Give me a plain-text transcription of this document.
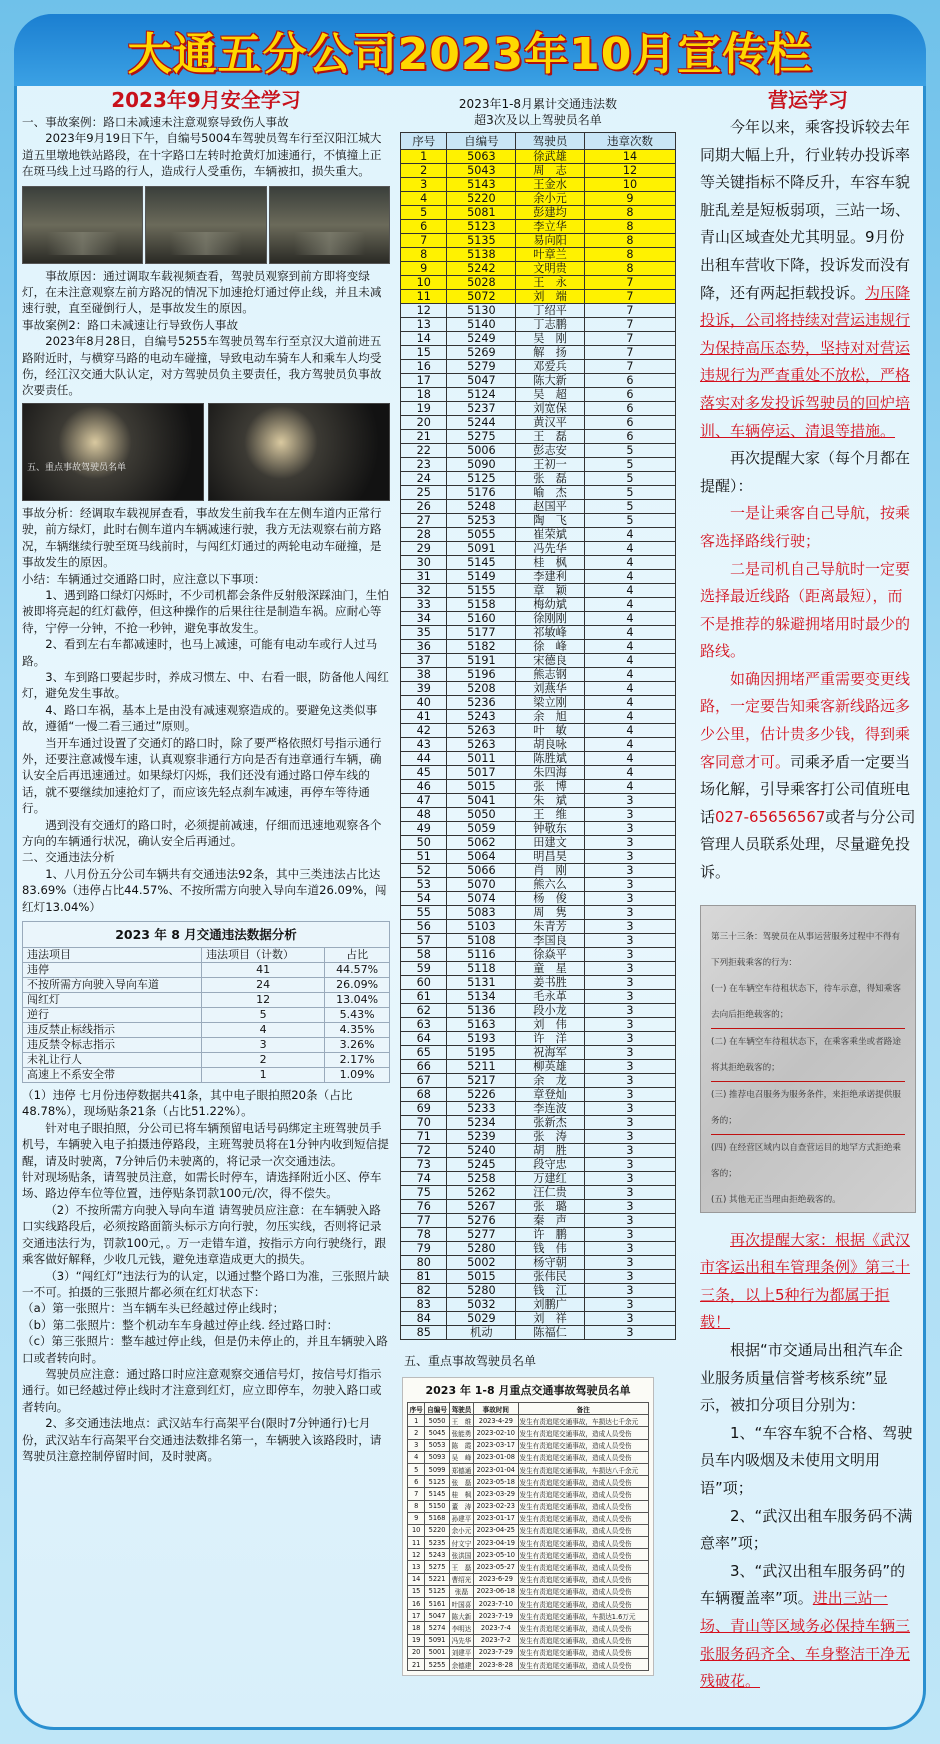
大通五分公司2023年10月宣传栏
2023年9月安全学习

一、事故案例：路口未减速未注意观察导致伤人事故

2023年9月19日下午，自编号5004车驾驶员驾车行至汉阳江城大道五里墩地铁站路段，在十字路口左转时抢黄灯加速通行，不慎撞上正在斑马线上过马路的行人，造成行人受重伤，车辆被扣，损失重大。

事故原因：通过调取车载视频查看，驾驶员观察到前方即将变绿灯，在未注意观察左前方路况的情况下加速抢灯通过停止线，并且未减速行驶，直至碰倒行人，是事故发生的原因。

事故案例2：路口未减速让行导致伤人事故

2023年8月28日，自编号5255车驾驶员驾车行至京汉大道前进五路附近时，与横穿马路的电动车碰撞，导致电动车骑车人和乘车人均受伤，经江汉交通大队认定，对方驾驶员负主要责任，我方驾驶员负事故次要责任。

五、重点事故驾驶员名单

事故分析：经调取车载视屏查看，事故发生前我车在左侧车道内正常行驶，前方绿灯，此时右侧车道内车辆减速行驶，我方无法观察右前方路况，车辆继续行驶至斑马线前时，与闯红灯通过的两轮电动车碰撞，是事故发生的原因。

小结：车辆通过交通路口时，应注意以下事项：

1、遇到路口绿灯闪烁时，不少司机都会条件反射般深踩油门，生怕被即将亮起的红灯截停，但这种操作的后果往往是制造车祸。应耐心等待，宁停一分钟，不抢一秒钟，避免事故发生。

2、看到左右车都减速时，也马上减速，可能有电动车或行人过马路。

3、车到路口要起步时，养成习惯左、中、右看一眼，防备他人闯红灯，避免发生事故。

4、路口车祸，基本上是由没有减速观察造成的。要避免这类似事故，遵循“一慢二看三通过”原则。

当开车通过设置了交通灯的路口时，除了要严格依照灯号指示通行外，还要注意减慢车速，认真观察非通行方向是否有违章通行车辆，确认安全后再迅速通过。如果绿灯闪烁，我们还没有通过路口停车线的话，就不要继续加速抢灯了，而应该先轻点刹车减速，再停车等待通行。

遇到没有交通灯的路口时，必须提前减速，仔细而迅速地观察各个方向的车辆通行状况，确认安全后再通过。

二、交通违法分析

1、八月份五分公司车辆共有交通违法92条，其中三类违法占比达83.69%（违停占比44.57%、不按所需方向驶入导向车道26.09%，闯红灯13.04%）

2023 年 8 月交通违法数据分析		
违法项目	违法项目（计数）	占比
违停	41	44.57%
不按所需方向驶入导向车道	24	26.09%
闯红灯	12	13.04%
逆行	5	5.43%
违反禁止标线指示	4	4.35%
违反禁令标志指示	3	3.26%
未礼让行人	2	2.17%
高速上不系安全带	1	1.09%

（1）违停 七月份违停数据共41条，其中电子眼拍照20条（占比48.78%），现场贴条21条（占比51.22%）。

针对电子眼拍照，分公司已将车辆预留电话号码绑定主班驾驶员手机号，车辆驶入电子拍摄违停路段，主班驾驶员将在1分钟内收到短信提醒，请及时驶离，7分钟后仍未驶离的，将记录一次交通违法。

针对现场贴条，请驾驶员注意，如需长时停车，请选择附近小区、停车场、路边停车位等位置，违停贴条罚款100元/次，得不偿失。

（2）不按所需方向驶入导向车道 请驾驶员应注意：在车辆驶入路口实线路段后，必须按路面箭头标示方向行驶，勿压实线，否则将记录交通违法行为，罚款100元，。万一走错车道，按指示方向行驶绕行，跟乘客做好解释，少收几元钱，避免违章造成更大的损失。

（3）“闯红灯”违法行为的认定，以通过整个路口为准，三张照片缺一不可。拍摄的三张照片都必须在红灯状态下：

（a）第一张照片：当车辆车头已经越过停止线时；

（b）第二张照片：整个机动车车身越过停止线. 经过路口时：

（c）第三张照片：整车越过停止线，但是仍未停止的，并且车辆驶入路口或者转向时。

驾驶员应注意：通过路口时应注意观察交通信号灯，按信号灯指示通行。如已经越过停止线时才注意到红灯，应立即停车，勿驶入路口或者转向。

2、多交通违法地点：武汉站车行高架平台(限时7分钟通行)七月份，武汉站车行高架平台交通违法数排名第一，车辆驶入该路段时，请驾驶员注意控制停留时间，及时驶离。

2023年1-8月累计交通违法数
超3次及以上驾驶员名单
序号	自编号	驾驶员	违章次数
1	5063	徐武雄	14
2	5043	周　志	12
3	5143	王金水	10
4	5220	余小元	9
5	5081	彭建均	8
6	5123	李立华	8
7	5135	易向阳	8
8	5138	叶章兰	8
9	5242	文明贵	8
10	5028	王　永	7
11	5072	刘　端	7
12	5130	丁绍平	7
13	5140	丁志鹏	7
14	5249	吴　刚	7
15	5269	解　扬	7
16	5279	邓爱兵	7
17	5047	陈大新	6
18	5124	吴　超	6
19	5237	刘宽保	6
20	5244	黄汉平	6
21	5275	王　磊	6
22	5006	彭志安	5
23	5090	王初一	5
24	5125	张　磊	5
25	5176	喻　杰	5
26	5248	赵国平	5
27	5253	陶　飞	5
28	5055	崔荣斌	4
29	5091	冯先华	4
30	5145	桂　枫	4
31	5149	李建利	4
32	5155	章　颖	4
33	5158	梅幼斌	4
34	5160	徐刚刚	4
35	5177	祁敏峰	4
36	5182	徐　峰	4
37	5191	宋德良	4
38	5196	熊志钢	4
39	5208	刘燕华	4
40	5236	梁立刚	4
41	5243	余　旭	4
42	5263	叶　敏	4
43	5263	胡良咏	4
44	5011	陈胜斌	4
45	5017	朱四海	4
46	5015	张　博	4
47	5041	朱　斌	3
48	5050	王　维	3
49	5059	钟敬东	3
50	5062	田建文	3
51	5064	明昌昊	3
52	5066	肖　刚	3
53	5070	熊六么	3
54	5074	杨　俊	3
55	5083	周　隽	3
56	5103	朱青芳	3
57	5108	李国良	3
58	5116	徐焱平	3
59	5118	童　星	3
60	5131	姜书胜	3
61	5134	毛永革	3
62	5136	段小龙	3
63	5163	刘　伟	3
64	5193	许　洋	3
65	5195	祝海军	3
66	5211	柳英雄	3
67	5217	余　龙	3
68	5226	章登灿	3
69	5233	李连波	3
70	5234	张新杰	3
71	5239	张　涛	3
72	5240	胡　胜	3
73	5245	段守忠	3
74	5258	万建红	3
75	5262	汪仁贵	3
76	5267	张　璐	3
77	5276	秦　声	3
78	5277	许　鹏	3
79	5280	钱　伟	3
80	5002	杨守朝	3
81	5015	张伟民	3
82	5280	钱　江	3
83	5032	刘鹏广	3
84	5029	刘　祥	3
85	机动	陈福仁	3
五、重点事故驾驶员名单
2023 年 1-8 月重点交通事故驾驶员名单
序号	自编号	驾驶员	事故时间	备注
1	5050	王　维	2023-4-29	发生有责追尾交通事故，车损达七千余元
2	5045	张能勇	2023-02-10	发生有责追尾交通事故，造成人员受伤
3	5053	陈　霞	2023-03-17	发生有责追尾交通事故，造成人员受伤
4	5093	吴　峰	2023-01-08	发生有责追尾交通事故，造成人员受伤
5	5099	郑德通	2023-01-04	发生有责追尾交通事故，车损达八千余元
6	5125	张　磊	2023-05-18	发生有责追尾交通事故，造成人员受伤
7	5145	桂　枫	2023-03-29	发生有责追尾交通事故，造成人员受伤
8	5150	董　涛	2023-02-23	发生有责追尾交通事故，造成人员受伤
9	5168	孙建平	2023-01-17	发生有责追尾交通事故，造成人员受伤
10	5220	余小元	2023-04-25	发生有责追尾交通事故，造成人员受伤
11	5235	付文宁	2023-04-19	发生有责追尾交通事故，造成人员受伤
12	5243	张洪国	2023-05-10	发生有责追尾交通事故，造成人员受伤
13	5275	王　磊	2023-05-27	发生有责追尾交通事故，造成人员受伤
14	5221	曹绍光	2023-6-29	发生有责追尾交通事故，造成人员受伤
15	5125	张磊	2023-06-18	发生有责追尾交通事故，造成人员受伤
16	5161	叶国喜	2023-7-10	发生有责追尾交通事故，造成人员受伤
17	5047	陈大新	2023-7-19	发生有责追尾交通事故，车损达1.6万元
18	5274	李明达	2023-7-4	发生有责追尾交通事故，造成人员受伤
19	5091	冯先华	2023-7-2	发生有责追尾交通事故，造成人员受伤
20	5001	刘建平	2023-7-29	发生有责追尾交通事故，造成人员受伤
21	5255	余德建	2023-8-28	发生有责追尾交通事故，造成人员受伤
营运学习

今年以来，乘客投诉较去年同期大幅上升，行业转办投诉率等关键指标不降反升，车容车貌脏乱差是短板弱项，三站一场、青山区域查处尤其明显。9月份出租车营收下降，投诉发而没有降，还有两起拒载投诉。为压降投诉，公司将持续对营运违规行为保持高压态势，坚持对对营运违规行为严查重处不放松，严格落实对多发投诉驾驶员的回炉培训、车辆停运、清退等措施。

再次提醒大家（每个月都在提醒）：

一是让乘客自己导航，按乘客选择路线行驶；

二是司机自己导航时一定要选择最近线路（距离最短），而不是推荐的躲避拥堵用时最少的路线。

如确因拥堵严重需要变更线路，一定要告知乘客新线路远多少公里，估计贵多少钱，得到乘客同意才可。司乘矛盾一定要当场化解，引导乘客打公司值班电话027-65656567或者与分公司管理人员联系处理，尽量避免投诉。

第三十三条：驾驶员在从事运营服务过程中不得有下列拒载乘客的行为：
(一) 在车辆空车待租状态下，待车示意，得知乘客去向后拒绝载客的；
(二) 在车辆空车待租状态下，在乘客乘坐或者路途将其拒绝载客的；
(三) 推荐电召服务为服务条件，来拒绝承诺提供服务的；
(四) 在经营区域内以自查营运目的地罕方式拒绝乘客的；
(五) 其他无正当理由拒绝载客的。

再次提醒大家：根据《武汉市客运出租车管理条例》第三十三条，以上5种行为都属于拒载！

根据“市交通局出租汽车企业服务质量信誉考核系统”显示，被扣分项目分别为：

1、“车容车貌不合格、驾驶员车内吸烟及未使用文明用语”项；

2、“武汉出租车服务码不满意率”项；

3、“武汉出租车服务码”的车辆覆盖率”项。进出三站一场、青山等区域务必保持车辆三张服务码齐全、车身整洁干净无残破花。
